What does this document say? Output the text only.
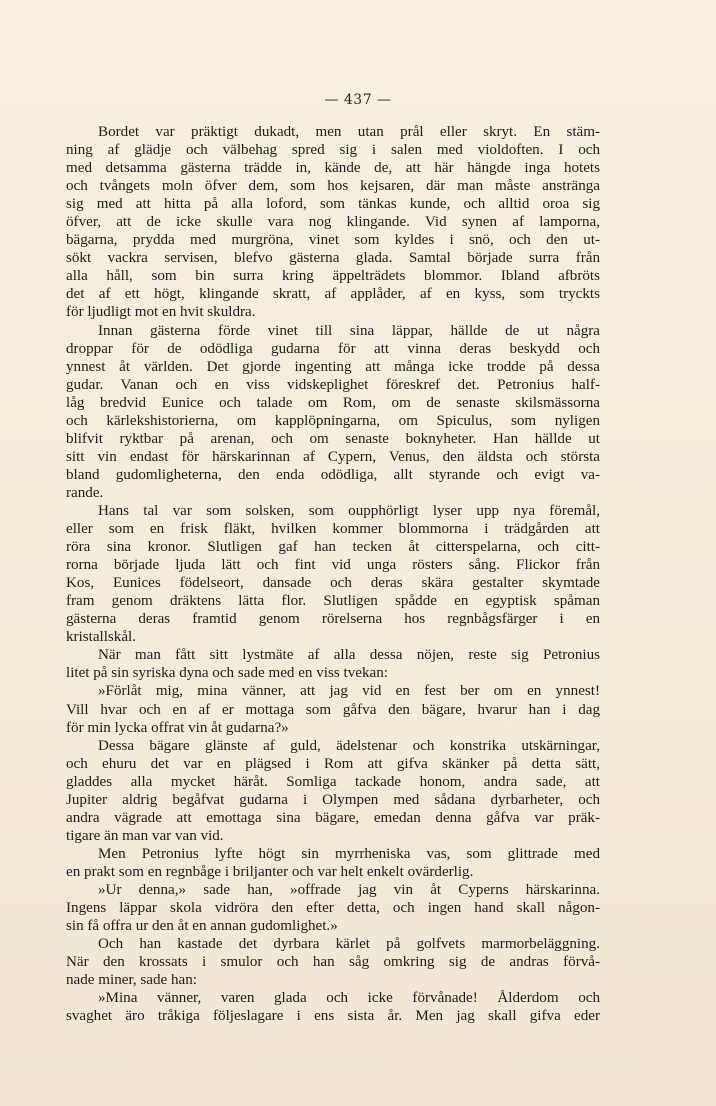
— 437 —
Bordet var präktigt dukadt, men utan prål eller skryt. En stäm-
ning af glädje och välbehag spred sig i salen med violdoften. I och
med detsamma gästerna trädde in, kände de, att här hängde inga hotets
och tvångets moln öfver dem, som hos kejsaren, där man måste anstränga
sig med att hitta på alla loford, som tänkas kunde, och alltid oroa sig
öfver, att de icke skulle vara nog klingande. Vid synen af lamporna,
bägarna, prydda med murgröna, vinet som kyldes i snö, och den ut-
sökt vackra servisen, blefvo gästerna glada. Samtal började surra från
alla håll, som bin surra kring äppelträdets blommor. Ibland afbröts
det af ett högt, klingande skratt, af applåder, af en kyss, som tryckts
för ljudligt mot en hvit skuldra.
Innan gästerna förde vinet till sina läppar, hällde de ut några
droppar för de odödliga gudarna för att vinna deras beskydd och
ynnest åt världen. Det gjorde ingenting att många icke trodde på dessa
gudar. Vanan och en viss vidskeplighet föreskref det. Petronius half-
låg bredvid Eunice och talade om Rom, om de senaste skilsmässorna
och kärlekshistorierna, om kapplöpningarna, om Spiculus, som nyligen
blifvit ryktbar på arenan, och om senaste boknyheter. Han hällde ut
sitt vin endast för härskarinnan af Cypern, Venus, den äldsta och största
bland gudomligheterna, den enda odödliga, allt styrande och evigt va-
rande.
Hans tal var som solsken, som oupphörligt lyser upp nya föremål,
eller som en frisk fläkt, hvilken kommer blommorna i trädgården att
röra sina kronor. Slutligen gaf han tecken åt citterspelarna, och citt-
rorna började ljuda lätt och fint vid unga rösters sång. Flickor från
Kos, Eunices födelseort, dansade och deras skära gestalter skymtade
fram genom dräktens lätta flor. Slutligen spådde en egyptisk spåman
gästerna deras framtid genom rörelserna hos regnbågsfärger i en
kristallskål.
När man fått sitt lystmäte af alla dessa nöjen, reste sig Petronius
litet på sin syriska dyna och sade med en viss tvekan:
»Förlåt mig, mina vänner, att jag vid en fest ber om en ynnest!
Vill hvar och en af er mottaga som gåfva den bägare, hvarur han i dag
för min lycka offrat vin åt gudarna?»
Dessa bägare glänste af guld, ädelstenar och konstrika utskärningar,
och ehuru det var en plägsed i Rom att gifva skänker på detta sätt,
gladdes alla mycket häråt. Somliga tackade honom, andra sade, att
Jupiter aldrig begåfvat gudarna i Olympen med sådana dyrbarheter, och
andra vägrade att emottaga sina bägare, emedan denna gåfva var präk-
tigare än man var van vid.
Men Petronius lyfte högt sin myrrheniska vas, som glittrade med
en prakt som en regnbåge i briljanter och var helt enkelt ovärderlig.
»Ur denna,» sade han, »offrade jag vin åt Cyperns härskarinna.
Ingens läppar skola vidröra den efter detta, och ingen hand skall någon-
sin få offra ur den åt en annan gudomlighet.»
Och han kastade det dyrbara kärlet på golfvets marmorbeläggning.
När den krossats i smulor och han såg omkring sig de andras förvå-
nade miner, sade han:
»Mina vänner, varen glada och icke förvånade! Ålderdom och
svaghet äro tråkiga följeslagare i ens sista år. Men jag skall gifva eder
